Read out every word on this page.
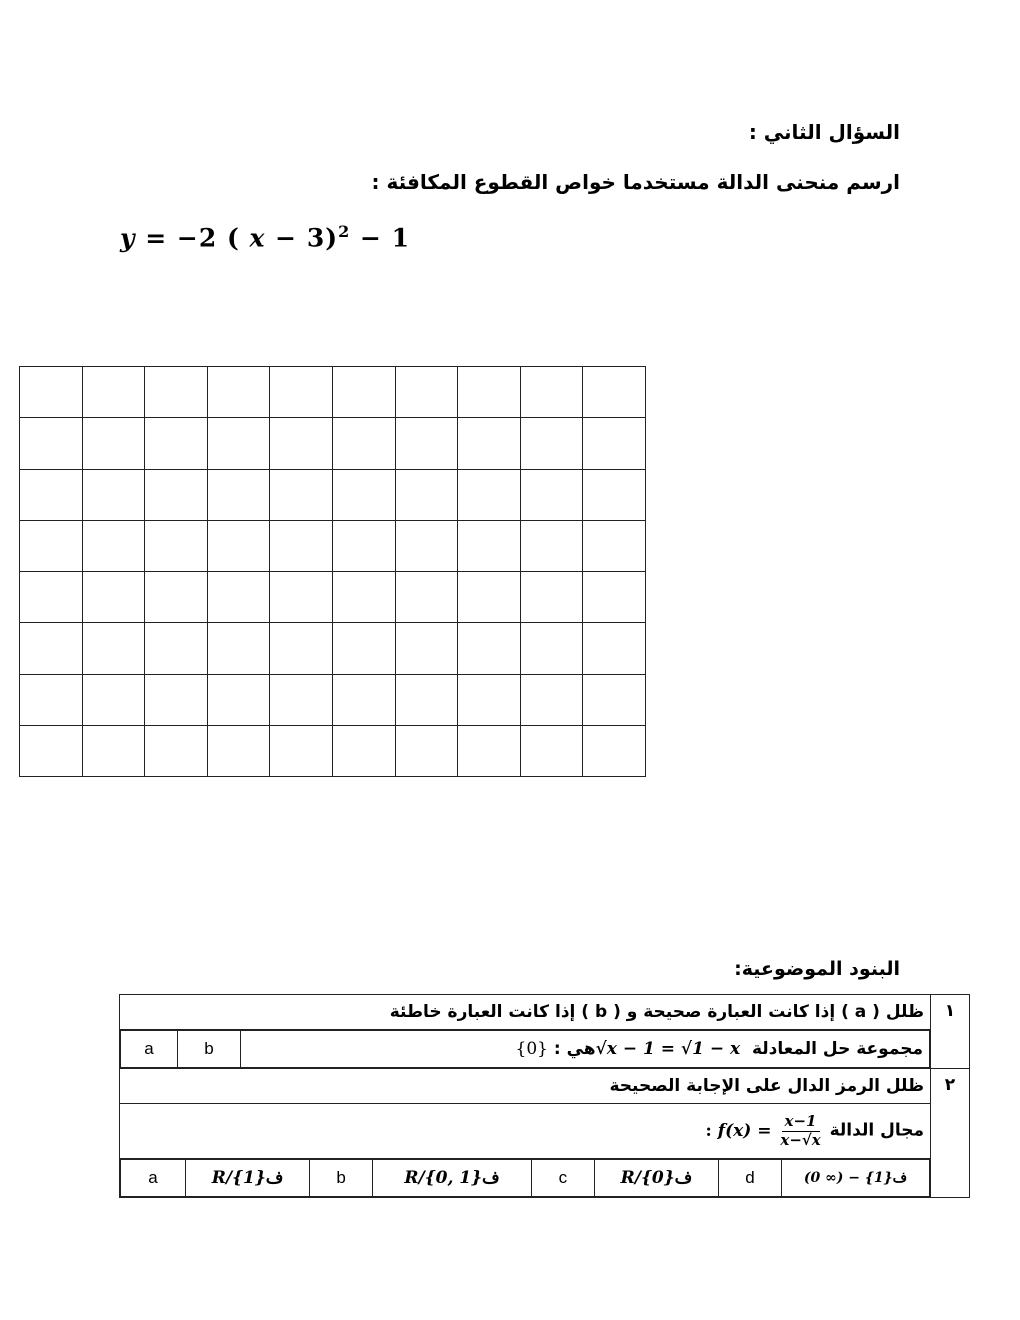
السؤال الثاني :
ارسم منحنى الدالة مستخدما خواص القطوع المكافئة :
y = −2 ( x − 3)$^2$ − 1

البنود الموضوعية:
١	ظلل ( a ) إذا كانت العبارة صحيحة و ( b ) إذا كانت العبارة خاطئة

مجموعة حل المعادلة √x − 1 = √1 − x هي : {0}	b	a

٢	ظلل الرمز الدال على الإجابة الصحيحة
مجال الدالة : $f(x) = \frac{x-1}{x-√x}$

(0 ∞) − {1}ف	d	R/{0}ف	c	R/{0, 1}ف	b	R/{1}ف	a
